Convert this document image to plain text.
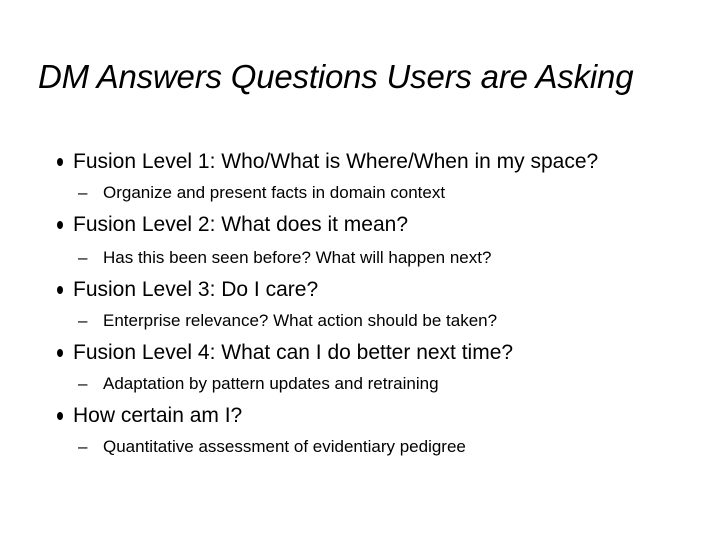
DM Answers Questions Users are Asking
Fusion Level 1: Who/What is Where/When in my space?
– Organize and present facts in domain context
Fusion Level 2: What does it mean?
– Has this been seen before? What will happen next?
Fusion Level 3: Do I care?
– Enterprise relevance? What action should be taken?
Fusion Level 4: What can I do better next time?
– Adaptation by pattern updates and retraining
How certain am I?
– Quantitative assessment of evidentiary pedigree
